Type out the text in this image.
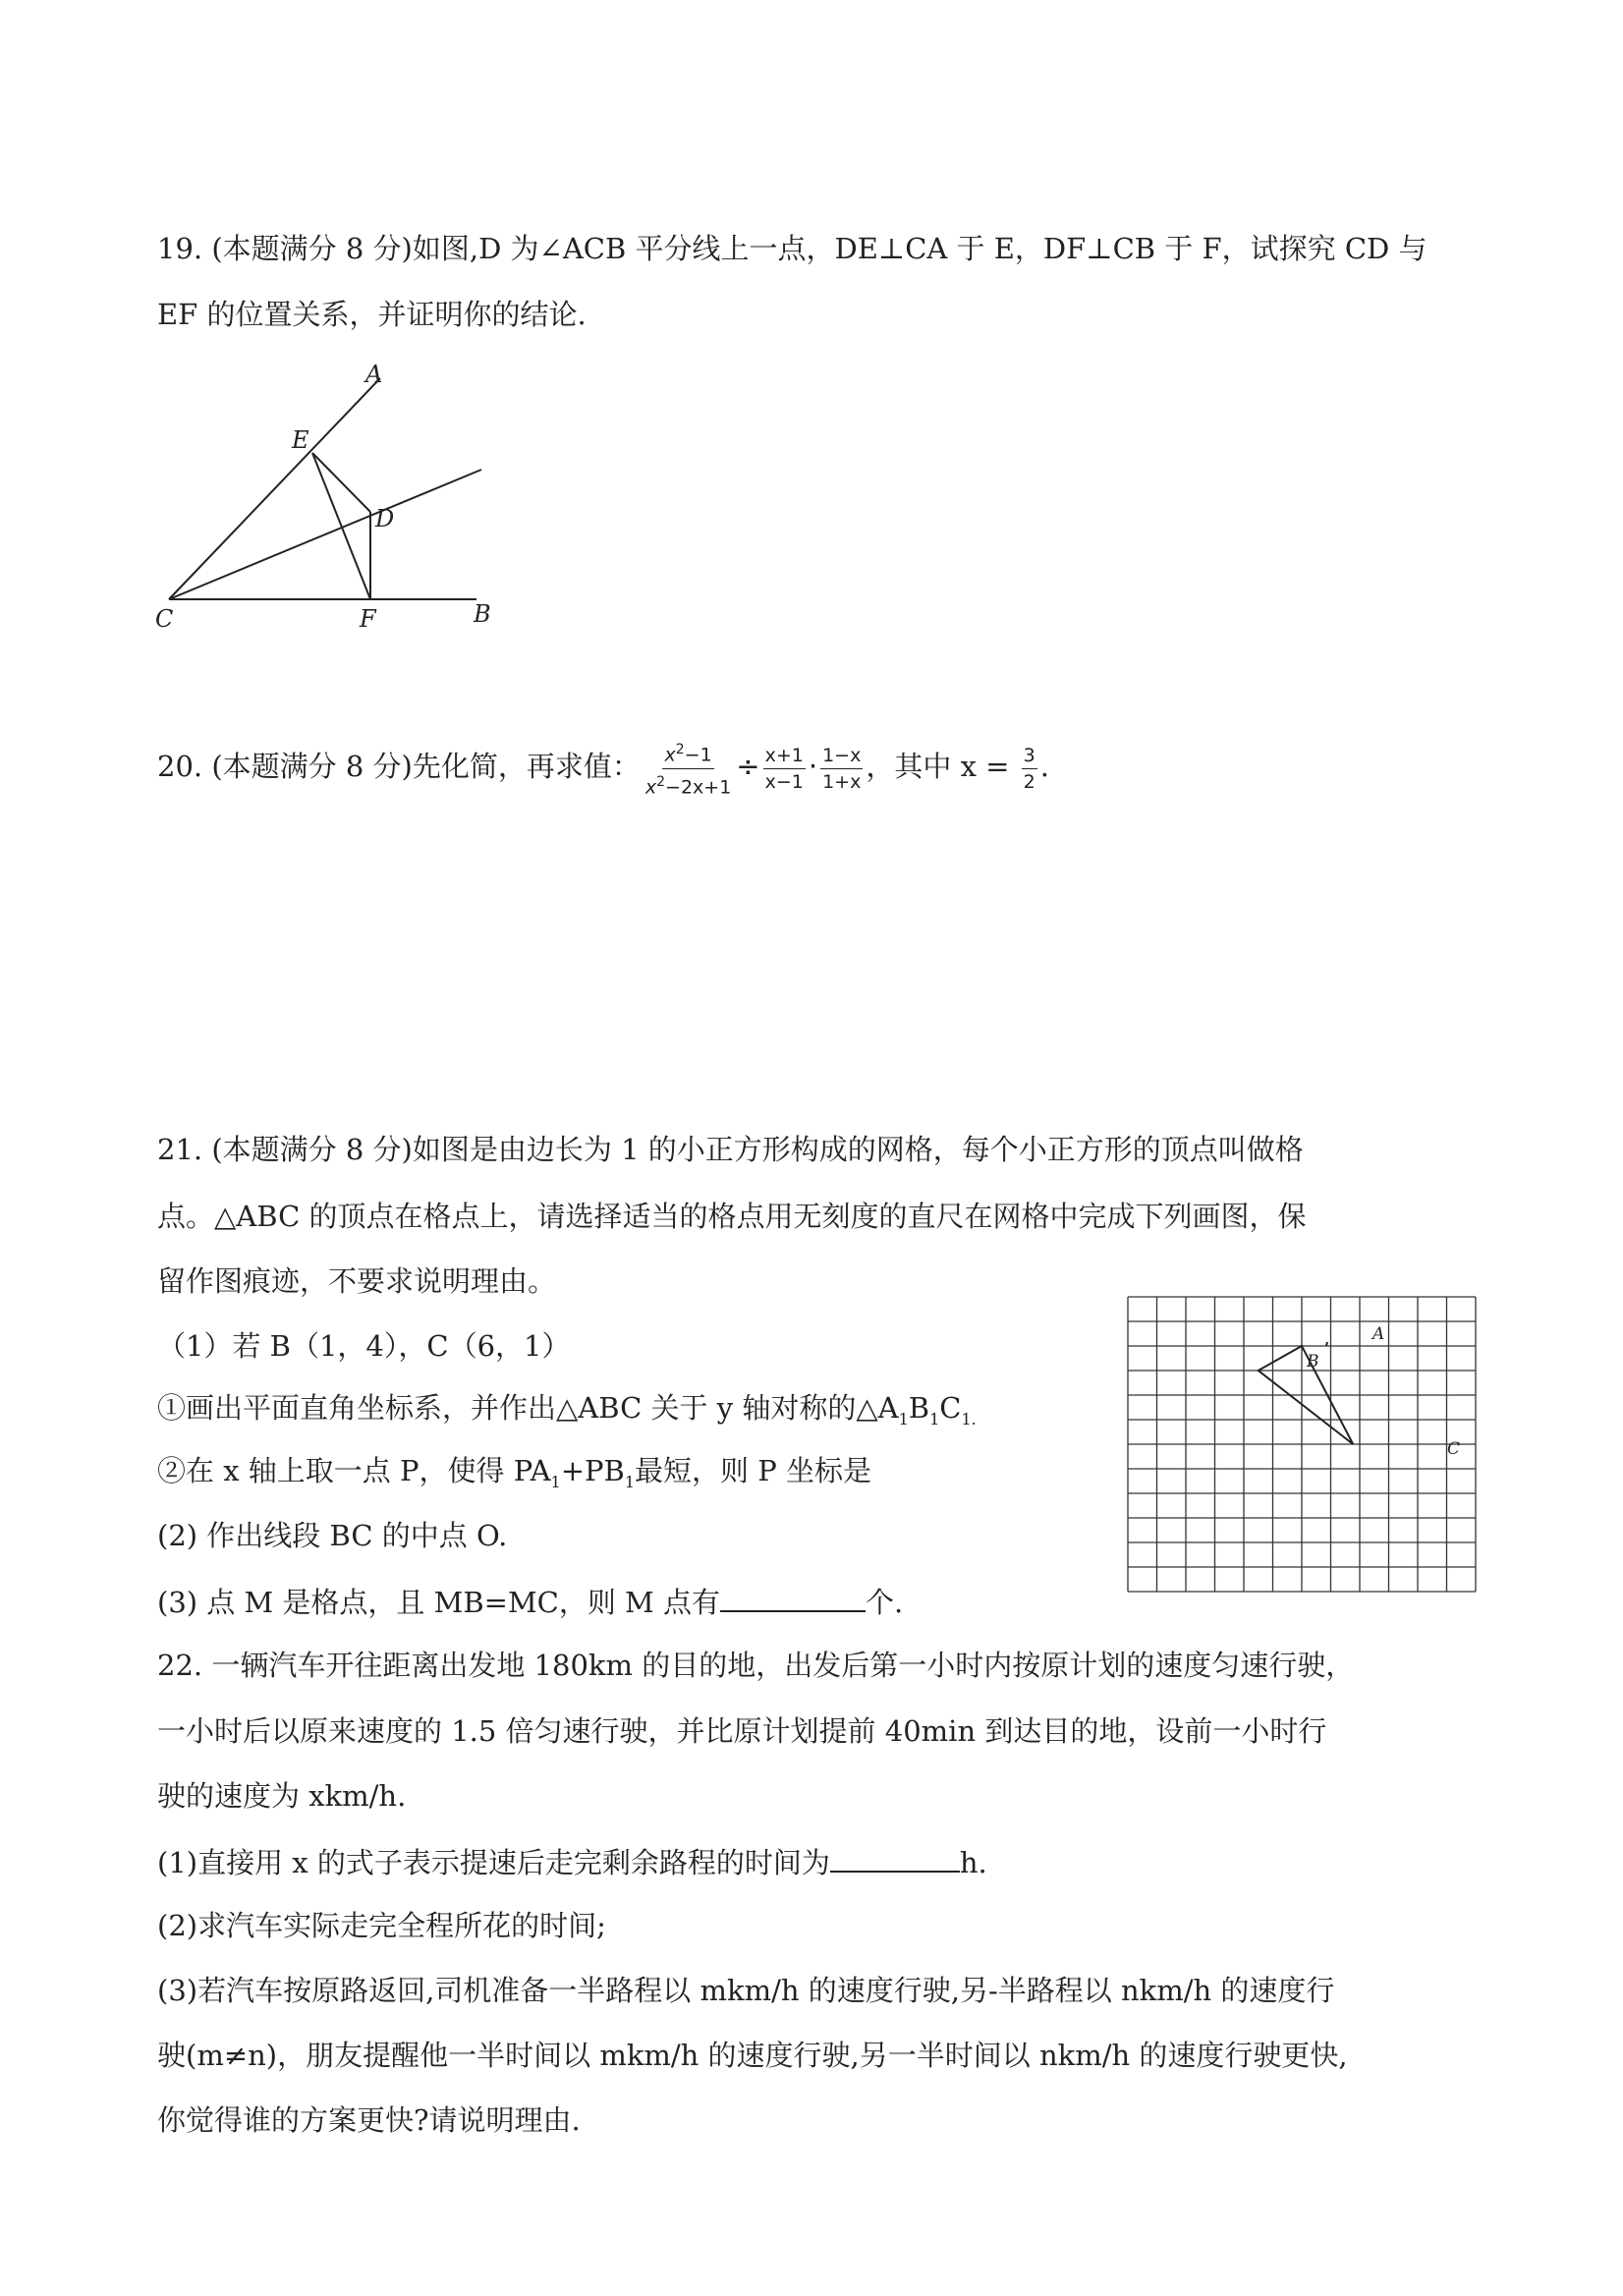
19. (本题满分 8 分)如图,D 为∠ACB 平分线上一点，DE⊥CA 于 E，DF⊥CB 于 F，试探究 CD 与
EF 的位置关系，并证明你的结论.
A
E
D
C	F	B
20. (本题满分 8 分)先化简，再求值： $\frac{x^2-1}{x^2-2x+1} \div \frac{x+1}{x-1} \cdot \frac{1-x}{1+x}$ ，其中 $x = \frac{3}{2}$ .
21. (本题满分 8 分)如图是由边长为 1 的小正方形构成的网格，每个小正方形的顶点叫做格
点。△ABC 的顶点在格点上，请选择适当的格点用无刻度的直尺在网格中完成下列画图，保
留作图痕迹，不要求说明理由。
（1）若 B（1，4），C（6，1）
①画出平面直角坐标系，并作出△ABC 关于 y 轴对称的$\triangle A_1B_1C_{1.}$
②在 x 轴上取一点 P，使得 $PA_1+PB_1$最短，则 P 坐标是
(2) 作出线段 BC 的中点 O.
(3) 点 M 是格点，且 MB=MC，则 M 点有	个.
A
B
C
22. 一辆汽车开往距离出发地 180km 的目的地，出发后第一小时内按原计划的速度匀速行驶，
一小时后以原来速度的 1.5 倍匀速行驶，并比原计划提前 40min 到达目的地，设前一小时行
驶的速度为 xkm/h.
(1)直接用 x 的式子表示提速后走完剩余路程的时间为	h.
(2)求汽车实际走完全程所花的时间;
(3)若汽车按原路返回,司机准备一半路程以 mkm/h 的速度行驶,另-半路程以 nkm/h 的速度行
驶(m≠n)，朋友提醒他一半时间以 mkm/h 的速度行驶,另一半时间以 nkm/h 的速度行驶更快,
你觉得谁的方案更快?请说明理由.
